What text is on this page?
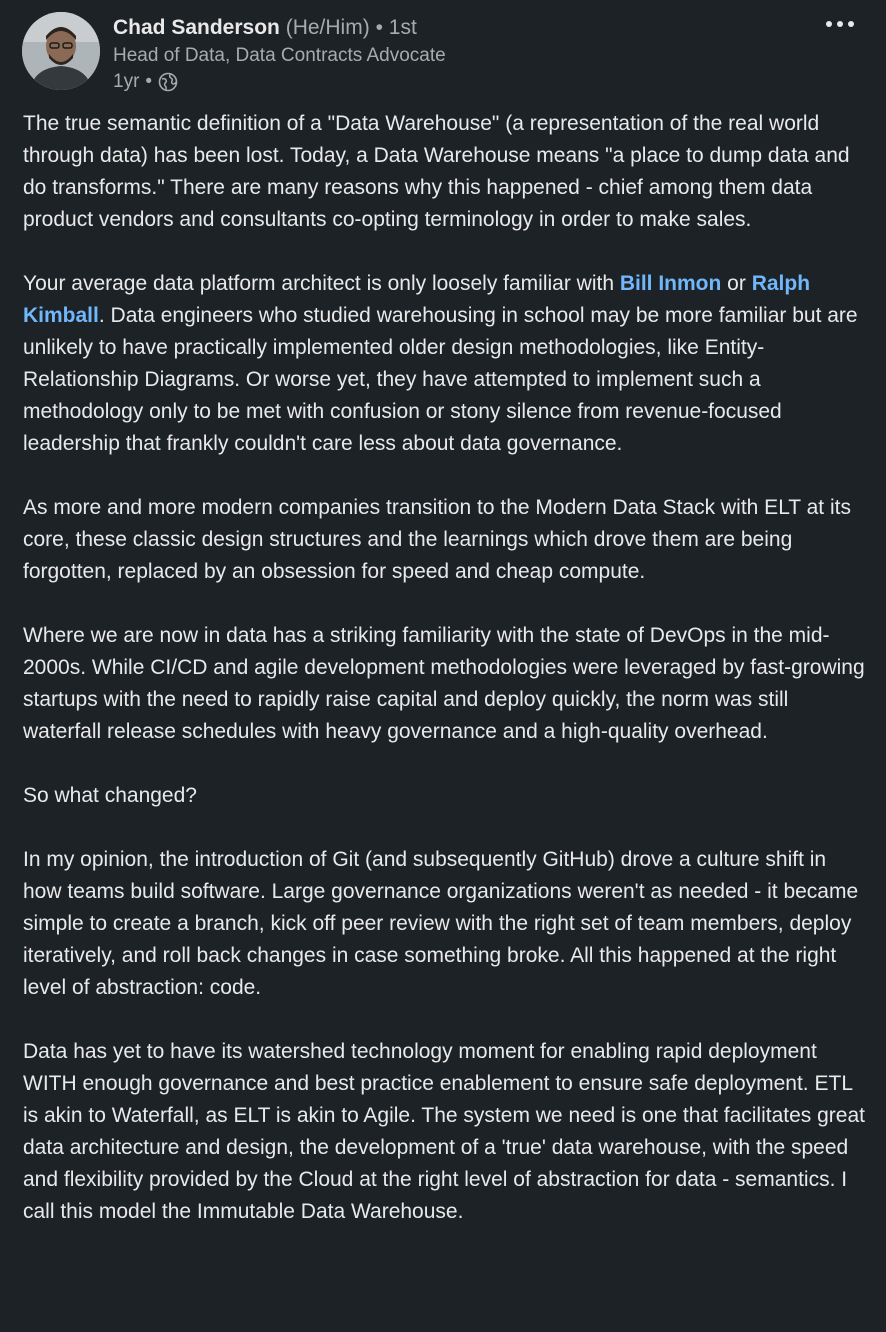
Chad Sanderson (He/Him) • 1st
Head of Data, Data Contracts Advocate
1yr •

The true semantic definition of a "Data Warehouse" (a representation of the real world through data) has been lost. Today, a Data Warehouse means "a place to dump data and do transforms." There are many reasons why this happened - chief among them data product vendors and consultants co-opting terminology in order to make sales.

Your average data platform architect is only loosely familiar with Bill Inmon or Ralph Kimball. Data engineers who studied warehousing in school may be more familiar but are unlikely to have practically implemented older design methodologies, like Entity-Relationship Diagrams. Or worse yet, they have attempted to implement such a methodology only to be met with confusion or stony silence from revenue-focused leadership that frankly couldn't care less about data governance.

As more and more modern companies transition to the Modern Data Stack with ELT at its core, these classic design structures and the learnings which drove them are being forgotten, replaced by an obsession for speed and cheap compute.

Where we are now in data has a striking familiarity with the state of DevOps in the mid-2000s. While CI/CD and agile development methodologies were leveraged by fast-growing startups with the need to rapidly raise capital and deploy quickly, the norm was still waterfall release schedules with heavy governance and a high-quality overhead.

So what changed?

In my opinion, the introduction of Git (and subsequently GitHub) drove a culture shift in how teams build software. Large governance organizations weren't as needed - it became simple to create a branch, kick off peer review with the right set of team members, deploy iteratively, and roll back changes in case something broke. All this happened at the right level of abstraction: code.

Data has yet to have its watershed technology moment for enabling rapid deployment WITH enough governance and best practice enablement to ensure safe deployment. ETL is akin to Waterfall, as ELT is akin to Agile. The system we need is one that facilitates great data architecture and design, the development of a 'true' data warehouse, with the speed and flexibility provided by the Cloud at the right level of abstraction for data - semantics. I call this model the Immutable Data Warehouse.
